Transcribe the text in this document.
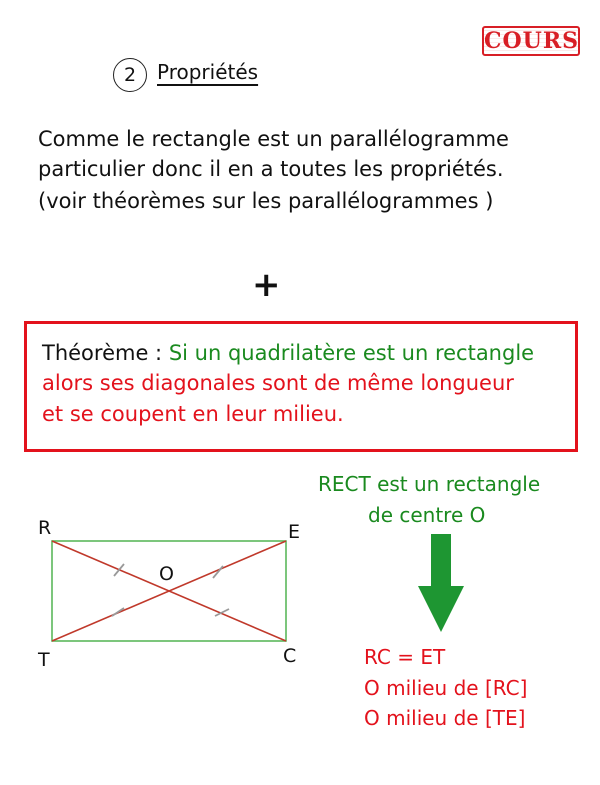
COURS
2	Propriétés
Comme le rectangle est un parallélogramme
particulier donc il en a toutes les propriétés.
(voir théorèmes sur les parallélogrammes )
+
Théorème : Si un quadrilatère est un rectangle
alors ses diagonales sont de même longueur
et se coupent en leur milieu.
R	E
T	C
O
RECT est un rectangle
de centre O
RC = ET
O milieu de [RC]
O milieu de [TE]
